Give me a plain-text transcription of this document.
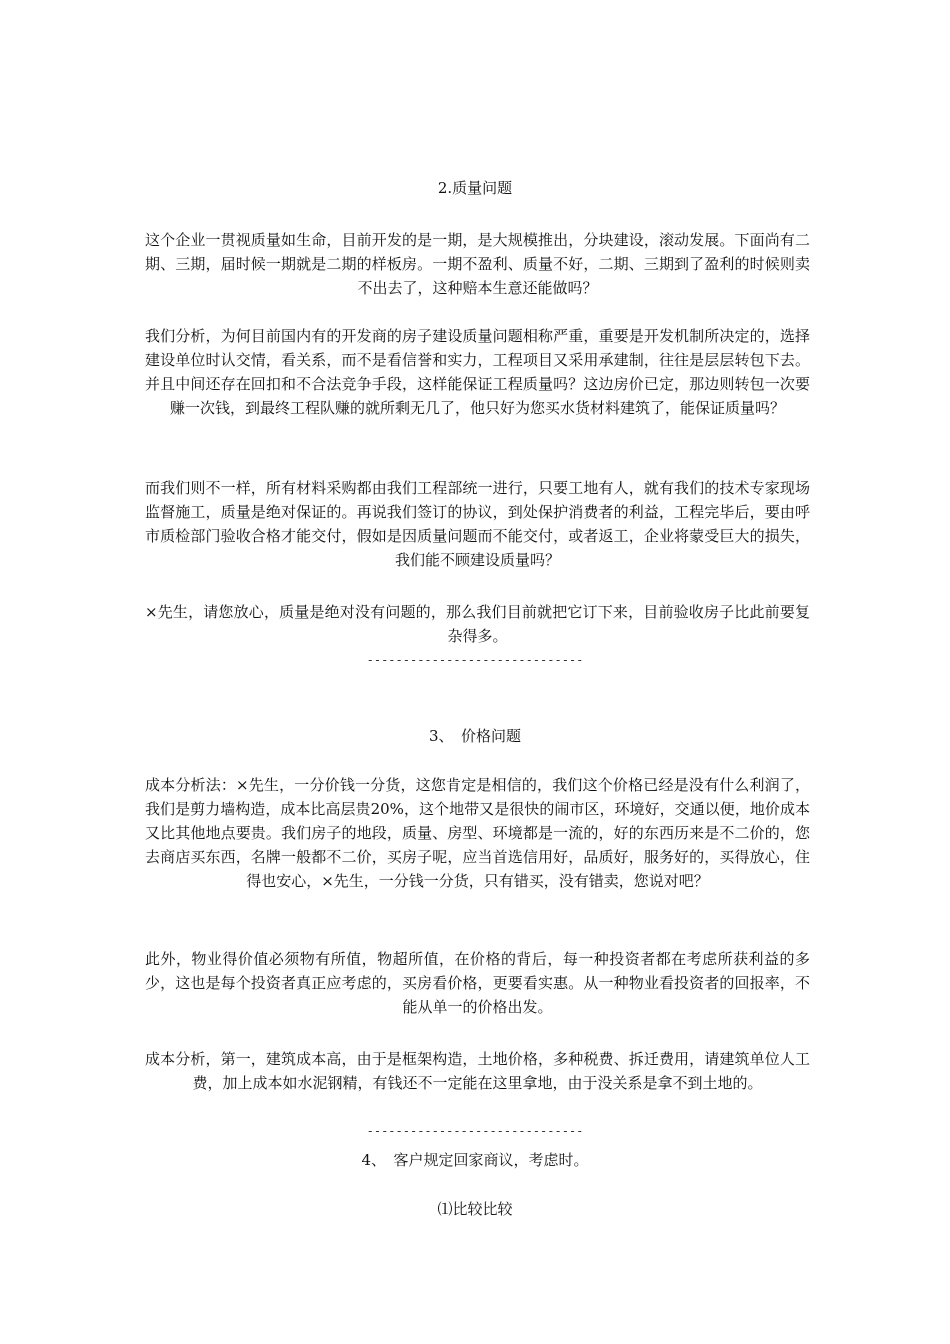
2.质量问题
这个企业一贯视质量如生命，目前开发的是一期，是大规模推出，分块建设，滚动发展。下面尚有二期、三期，届时候一期就是二期的样板房。一期不盈利、质量不好，二期、三期到了盈利的时候则卖不出去了，这种赔本生意还能做吗？
我们分析，为何目前国内有的开发商的房子建设质量问题相称严重，重要是开发机制所决定的，选择建设单位时认交情，看关系，而不是看信誉和实力，工程项目又采用承建制，往往是层层转包下去。并且中间还存在回扣和不合法竞争手段，这样能保证工程质量吗？这边房价已定，那边则转包一次要赚一次钱，到最终工程队赚的就所剩无几了，他只好为您买水货材料建筑了，能保证质量吗？
而我们则不一样，所有材料采购都由我们工程部统一进行，只要工地有人，就有我们的技术专家现场监督施工，质量是绝对保证的。再说我们签订的协议，到处保护消费者的利益，工程完毕后，要由呼市质检部门验收合格才能交付，假如是因质量问题而不能交付，或者返工，企业将蒙受巨大的损失，我们能不顾建设质量吗？
×先生，请您放心，质量是绝对没有问题的，那么我们目前就把它订下来，目前验收房子比此前要复杂得多。
------------------------------
3、　价格问题
成本分析法：×先生，一分价钱一分货，这您肯定是相信的，我们这个价格已经是没有什么利润了，我们是剪力墙构造，成本比高层贵20%，这个地带又是很快的闹市区，环境好，交通以便，地价成本又比其他地点要贵。我们房子的地段，质量、房型、环境都是一流的，好的东西历来是不二价的，您去商店买东西，名牌一般都不二价，买房子呢，应当首选信用好，品质好，服务好的，买得放心，住得也安心，×先生，一分钱一分货，只有错买，没有错卖，您说对吧？
此外，物业得价值必须物有所值，物超所值，在价格的背后，每一种投资者都在考虑所获利益的多少，这也是每个投资者真正应考虑的，买房看价格，更要看实惠。从一种物业看投资者的回报率，不能从单一的价格出发。
成本分析，第一，建筑成本高，由于是框架构造，土地价格，多种税费、拆迁费用，请建筑单位人工费，加上成本如水泥钢精，有钱还不一定能在这里拿地，由于没关系是拿不到土地的。
------------------------------
4、　客户规定回家商议，考虑时。
⑴比较比较
